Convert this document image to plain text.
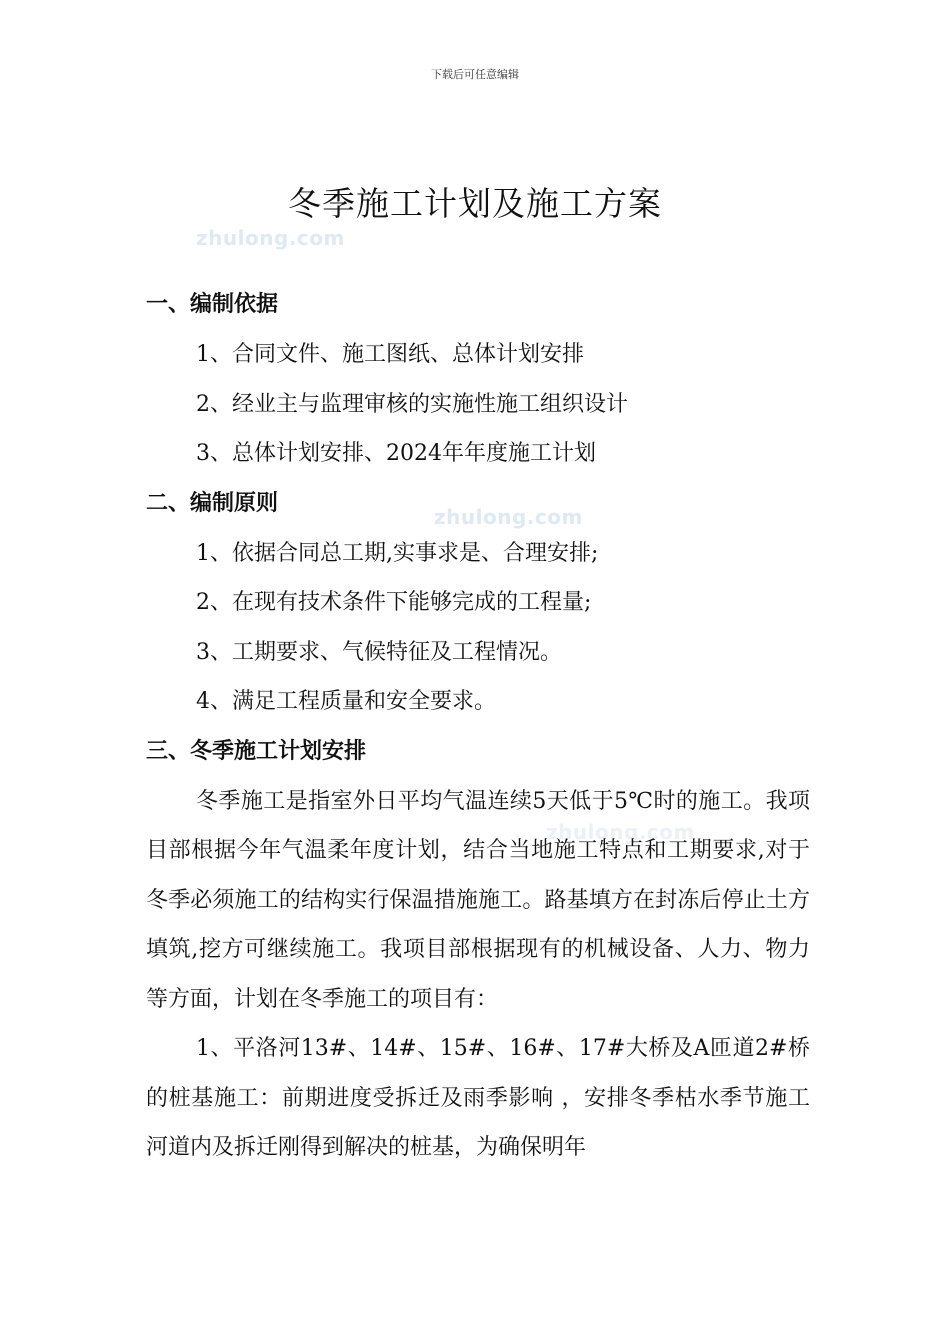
下载后可任意编辑
冬季施工计划及施工方案
zhulong.com
zhulong.com
zhulong.com
一、编制依据
1、合同文件、施工图纸、总体计划安排
2、经业主与监理审核的实施性施工组织设计
3、总体计划安排、2024年年度施工计划
二、编制原则
1、依据合同总工期,实事求是、合理安排;
2、在现有技术条件下能够完成的工程量;
3、工期要求、气候特征及工程情况。
4、满足工程质量和安全要求。
三、冬季施工计划安排

冬季施工是指室外日平均气温连续5天低于5℃时的施工。我项目部根据今年气温柔年度计划，结合当地施工特点和工期要求,对于冬季必须施工的结构实行保温措施施工。路基填方在封冻后停止土方填筑,挖方可继续施工。我项目部根据现有的机械设备、人力、物力等方面，计划在冬季施工的项目有：

1、平洛河13#、14#、15#、16#、17#大桥及A匝道2#桥的桩基施工：前期进度受拆迁及雨季影响 ，安排冬季枯水季节施工河道内及拆迁刚得到解决的桩基，为确保明年
